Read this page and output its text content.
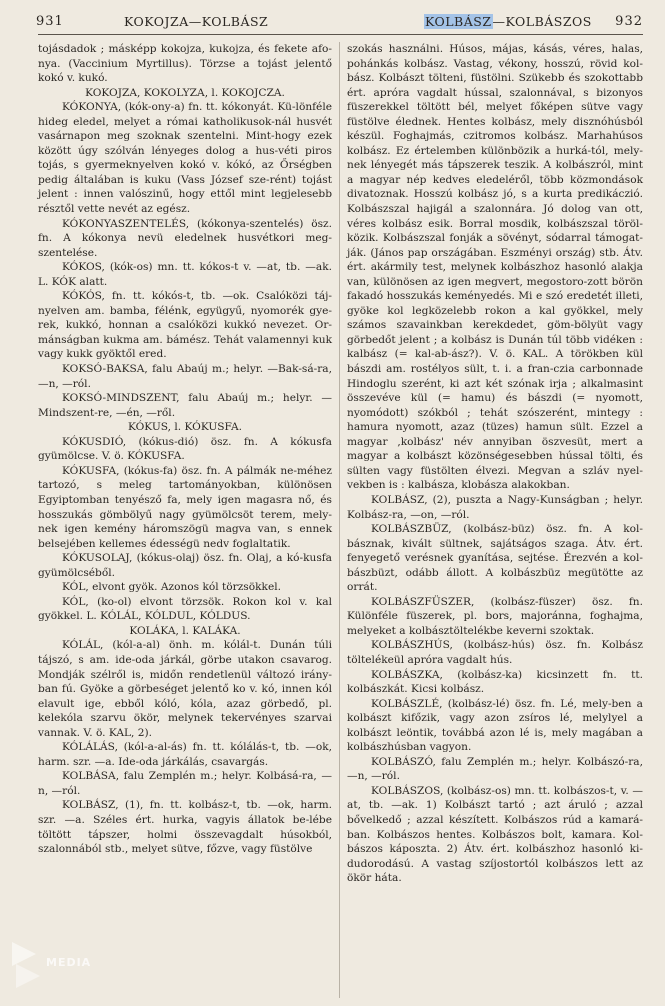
931	KOKOJZA—KOLBÁSZ	KOLBÁSZ—KOLBÁSZOS 932

tojásdadok ; másképp kokojza, kukojza, és fekete afo-nya. (Vaccinium Myrtillus). Törzse a tojást jelentő kokó v. kukó.

KOKOJZA, KOKOLYZA, l. KOKOJCZA.

KÓKONYA, (kók-ony-a) fn. tt. kókonyát. Kü-lönféle hideg eledel, melyet a római katholikusok-nál husvét vasárnapon meg szoknak szentelni. Mint-hogy ezek között úgy szólván lényeges dolog a hus-véti piros tojás, s gyermeknyelven kokó v. kókó, az Őrségben pedig általában is kuku (Vass József sze-rént) tojást jelent : innen valószinű, hogy ettől mint legjelesebb résztől vette nevét az egész.

KÓKONYASZENTELÉS, (kókonya-szentelés) ösz. fn. A kókonya nevü eledelnek husvétkori meg-szentelése.

KÓKOS, (kók-os) mn. tt. kókos-t v. —at, tb. —ak. L. KÓK alatt.

KÓKÓS, fn. tt. kókós-t, tb. —ok. Csalóközi táj-nyelven am. bamba, félénk, együgyű, nyomorék gye-rek, kukkó, honnan a csalóközi kukkó nevezet. Or-mánságban kukma am. bámész. Tehát valamennyi kuk vagy kukk gyöktől ered.

KOKSÓ-BAKSA, falu Abaúj m.; helyr. —Bak-sá-ra, —n, —ról.

KOKSÓ-MINDSZENT, falu Abaúj m.; helyr. —Mindszent-re, —én, —ről.

KÓKUS, l. KÓKUSFA.

KÓKUSDIÓ, (kókus-dió) ösz. fn. A kókusfa gyümölcse. V. ö. KÓKUSFA.

KÓKUSFA, (kókus-fa) ösz. fn. A pálmák ne-méhez tartozó, s meleg tartományokban, különösen Egyiptomban tenyésző fa, mely igen magasra nő, és hosszukás gömbölyű nagy gyümölcsöt terem, mely-nek igen kemény háromszögü magva van, s ennek belsejében kellemes édességü nedv foglaltatik.

KÓKUSOLAJ, (kókus-olaj) ösz. fn. Olaj, a kó-kusfa gyümölcséből.

KÓL, elvont gyök. Azonos kól törzsökkel.

KÓL, (ko-ol) elvont törzsök. Rokon kol v. kal gyökkel. L. KÓLÁL, KÓLDUL, KÓLDUS.

KOLÁKA, l. KALÁKA.

KÓLÁL, (kól-a-al) önh. m. kólál-t. Dunán túli tájszó, s am. ide-oda járkál, görbe utakon csavarog. Mondják szélről is, midőn rendetlenül változó irány-ban fú. Gyöke a görbeséget jelentő ko v. kó, innen kól elavult ige, ebből kóló, kóla, azaz görbedő, pl. kelekóla szarvu ökör, melynek tekervényes szarvai vannak. V. ö. KAL, 2).

KÓLÁLÁS, (kól-a-al-ás) fn. tt. kólálás-t, tb. —ok, harm. szr. —a. Ide-oda járkálás, csavargás.

KOLBÁSA, falu Zemplén m.; helyr. Kolbásá-ra, —n, —ról.

KOLBÁSZ, (1), fn. tt. kolbász-t, tb. —ok, harm. szr. —a. Széles ért. hurka, vagyis állatok be-lébe töltött tápszer, holmi összevagdalt húsokból, szalonnából stb., melyet sütve, főzve, vagy füstölve

szokás használni. Húsos, májas, kásás, véres, halas, pohánkás kolbász. Vastag, vékony, hosszú, rövid kol-bász. Kolbászt tölteni, füstölni. Szükebb és szokottabb ért. apróra vagdalt hússal, szalonnával, s bizonyos füszerekkel töltött bél, melyet főképen sütve vagy füstölve élednek. Hentes kolbász, mely disznóhúsból készül. Foghajmás, czitromos kolbász. Marhahúsos kolbász. Ez értelemben különbözik a hurká-tól, mely-nek lényegét más tápszerek teszik. A kolbászról, mint a magyar nép kedves eledeléről, több közmondások divatoznak. Hosszú kolbász jó, s a kurta predikáczió. Kolbászszal hajigál a szalonnára. Jó dolog van ott, véres kolbász esik. Borral mosdik, kolbászszal töröl-közik. Kolbászszal fonják a sövényt, sódarral támogat-ják. (János pap országában. Eszményi ország) stb. Átv. ért. akármily test, melynek kolbászhoz hasonló alakja van, különösen az igen megvert, megostoro-zott börön fakadó hosszukás keményedés. Mi e szó eredetét illeti, gyöke kol legközelebb rokon a kal gyökkel, mely számos szavainkban kerekdedet, göm-bölyüt vagy görbedőt jelent ; a kolbász is Dunán túl több vidéken : kalbász (= kal-ab-ász?). V. ö. KAL. A törökben kül bászdi am. rostélyos sült, t. i. a fran-czia carbonnade Hindoglu szerént, ki azt két szónak irja ; alkalmasint összevéve kül (= hamu) és bászdi (= nyomott, nyomódott) szókból ; tehát szószerént, mintegy : hamura nyomott, azaz (tüzes) hamun sült. Ezzel a magyar ,kolbász' név annyiban öszvesüt, mert a magyar a kolbászt közönségesebben hússal tölti, és sülten vagy füstölten élvezi. Megvan a szláv nyel-vekben is : kalbásza, klobásza alakokban.

KOLBÁSZ, (2), puszta a Nagy-Kunságban ; helyr. Kolbász-ra, —on, —ról.

KOLBÁSZBÜZ, (kolbász-büz) ösz. fn. A kol-básznak, kivált sültnek, sajátságos szaga. Átv. ért. fenyegető verésnek gyanítása, sejtése. Érezvén a kol-bászbüzt, odább állott. A kolbászbüz megütötte az orrát.

KOLBÁSZFÜSZER, (kolbász-füszer) ösz. fn. Különféle füszerek, pl. bors, majoránna, foghajma, melyeket a kolbásztöltelékbe keverni szoktak.

KOLBÁSZHÚS, (kolbász-hús) ösz. fn. Kolbász töltelékeül apróra vagdalt hús.

KOLBÁSZKA, (kolbász-ka) kicsinzett fn. tt. kolbászkát. Kicsi kolbász.

KOLBÁSZLÉ, (kolbász-lé) ösz. fn. Lé, mely-ben a kolbászt kifőzik, vagy azon zsíros lé, melylyel a kolbászt leöntik, továbbá azon lé is, mely magában a kolbászhúsban vagyon.

KOLBÁSZÓ, falu Zemplén m.; helyr. Kolbászó-ra, —n, —ról.

KOLBÁSZOS, (kolbász-os) mn. tt. kolbászos-t, v. —at, tb. —ak. 1) Kolbászt tartó ; azt áruló ; azzal bővelkedő ; azzal készített. Kolbászos rúd a kamará-ban. Kolbászos hentes. Kolbászos bolt, kamara. Kol-bászos káposzta. 2) Átv. ért. kolbászhoz hasonló ki-dudorodású. A vastag szíjostortól kolbászos lett az ökör háta.

MEDIA
